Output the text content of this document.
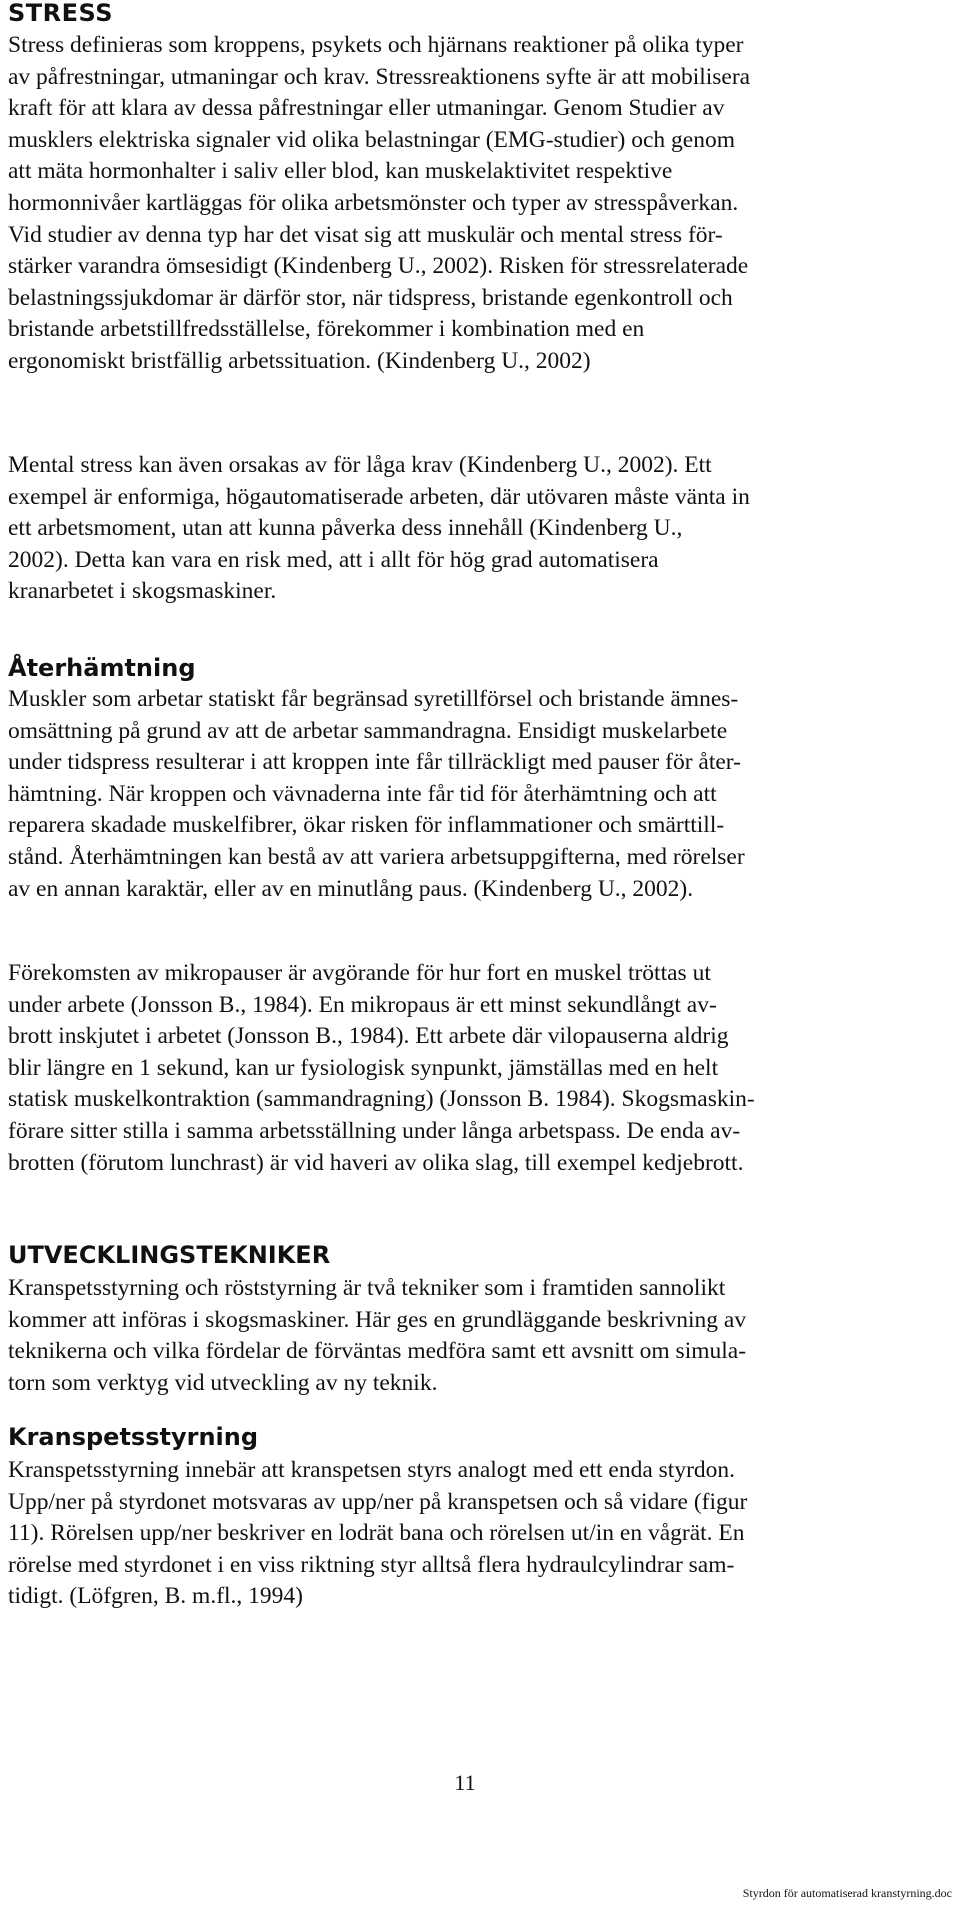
STRESS

Stress definieras som kroppens, psykets och hjärnans reaktioner på olika typer
av påfrestningar, utmaningar och krav. Stressreaktionens syfte är att mobilisera
kraft för att klara av dessa påfrestningar eller utmaningar. Genom Studier av
musklers elektriska signaler vid olika belastningar (EMG-studier) och genom
att mäta hormonhalter i saliv eller blod, kan muskelaktivitet respektive
hormonnivåer kartläggas för olika arbetsmönster och typer av stresspåverkan.
Vid studier av denna typ har det visat sig att muskulär och mental stress för-
stärker varandra ömsesidigt (Kindenberg U., 2002). Risken för stressrelaterade
belastningssjukdomar är därför stor, när tidspress, bristande egenkontroll och
bristande arbetstillfredsställelse, förekommer i kombination med en
ergonomiskt bristfällig arbetssituation. (Kindenberg U., 2002)

Mental stress kan även orsakas av för låga krav (Kindenberg U., 2002). Ett
exempel är enformiga, högautomatiserade arbeten, där utövaren måste vänta in
ett arbetsmoment, utan att kunna påverka dess innehåll (Kindenberg U.,
2002). Detta kan vara en risk med, att i allt för hög grad automatisera
kranarbetet i skogsmaskiner.

Återhämtning

Muskler som arbetar statiskt får begränsad syretillförsel och bristande ämnes-
omsättning på grund av att de arbetar sammandragna. Ensidigt muskelarbete
under tidspress resulterar i att kroppen inte får tillräckligt med pauser för åter-
hämtning. När kroppen och vävnaderna inte får tid för återhämtning och att
reparera skadade muskelfibrer, ökar risken för inflammationer och smärttill-
stånd. Återhämtningen kan bestå av att variera arbetsuppgifterna, med rörelser
av en annan karaktär, eller av en minutlång paus. (Kindenberg U., 2002).

Förekomsten av mikropauser är avgörande för hur fort en muskel tröttas ut
under arbete (Jonsson B., 1984). En mikropaus är ett minst sekundlångt av-
brott inskjutet i arbetet (Jonsson B., 1984). Ett arbete där vilopauserna aldrig
blir längre en 1 sekund, kan ur fysiologisk synpunkt, jämställas med en helt
statisk muskelkontraktion (sammandragning) (Jonsson B. 1984). Skogsmaskin-
förare sitter stilla i samma arbetsställning under långa arbetspass. De enda av-
brotten (förutom lunchrast) är vid haveri av olika slag, till exempel kedjebrott.

UTVECKLINGSTEKNIKER

Kranspetsstyrning och röststyrning är två tekniker som i framtiden sannolikt
kommer att införas i skogsmaskiner. Här ges en grundläggande beskrivning av
teknikerna och vilka fördelar de förväntas medföra samt ett avsnitt om simula-
torn som verktyg vid utveckling av ny teknik.

Kranspetsstyrning

Kranspetsstyrning innebär att kranspetsen styrs analogt med ett enda styrdon.
Upp/ner på styrdonet motsvaras av upp/ner på kranspetsen och så vidare (figur
11). Rörelsen upp/ner beskriver en lodrät bana och rörelsen ut/in en vågrät. En
rörelse med styrdonet i en viss riktning styr alltså flera hydraulcylindrar sam-
tidigt. (Löfgren, B. m.fl., 1994)

11
Styrdon för automatiserad kranstyrning.doc
